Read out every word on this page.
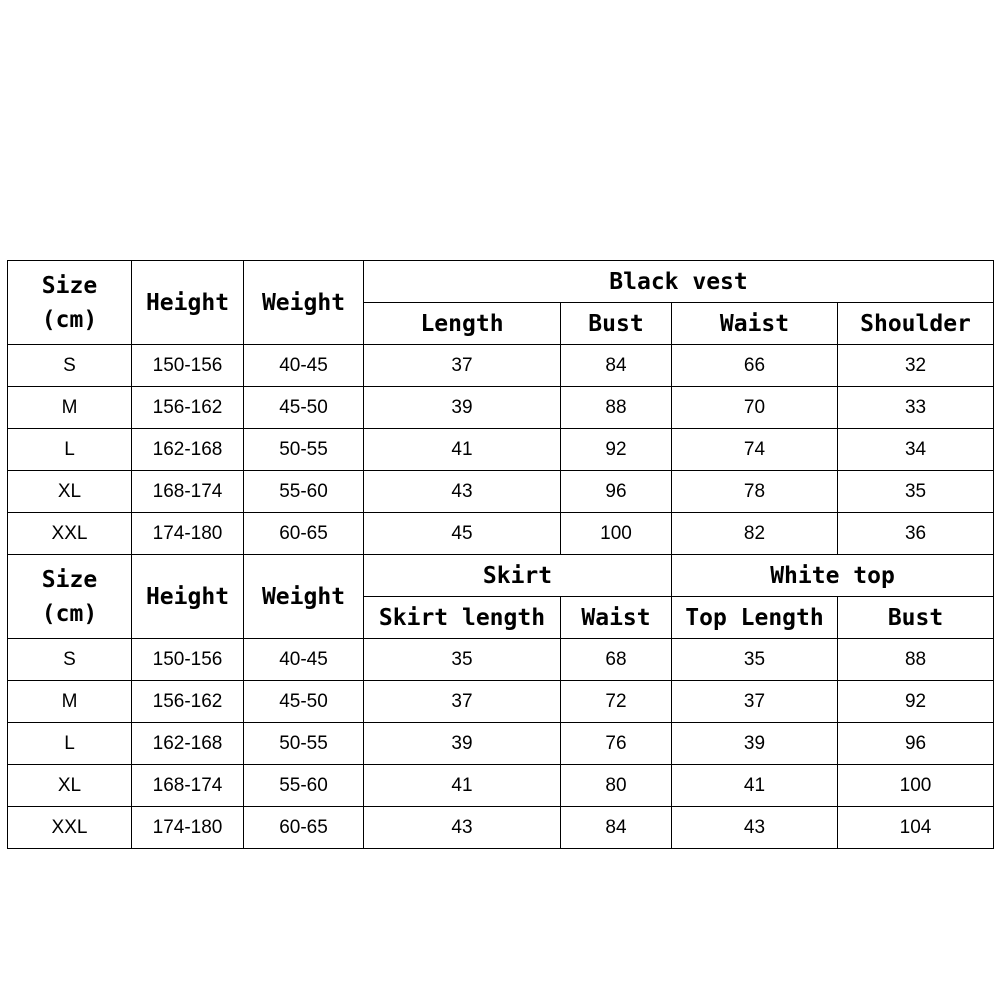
Size
(cm)	Height	Weight	Black vest			
			Length	Bust	Waist	Shoulder
S	150-156	40-45	37	84	66	32
M	156-162	45-50	39	88	70	33
L	162-168	50-55	41	92	74	34
XL	168-174	55-60	43	96	78	35
XXL	174-180	60-65	45	100	82	36

Size
(cm)	Height	Weight	Skirt		White top	
			Skirt length	Waist	Top Length	Bust
S	150-156	40-45	35	68	35	88
M	156-162	45-50	37	72	37	92
L	162-168	50-55	39	76	39	96
XL	168-174	55-60	41	80	41	100
XXL	174-180	60-65	43	84	43	104
